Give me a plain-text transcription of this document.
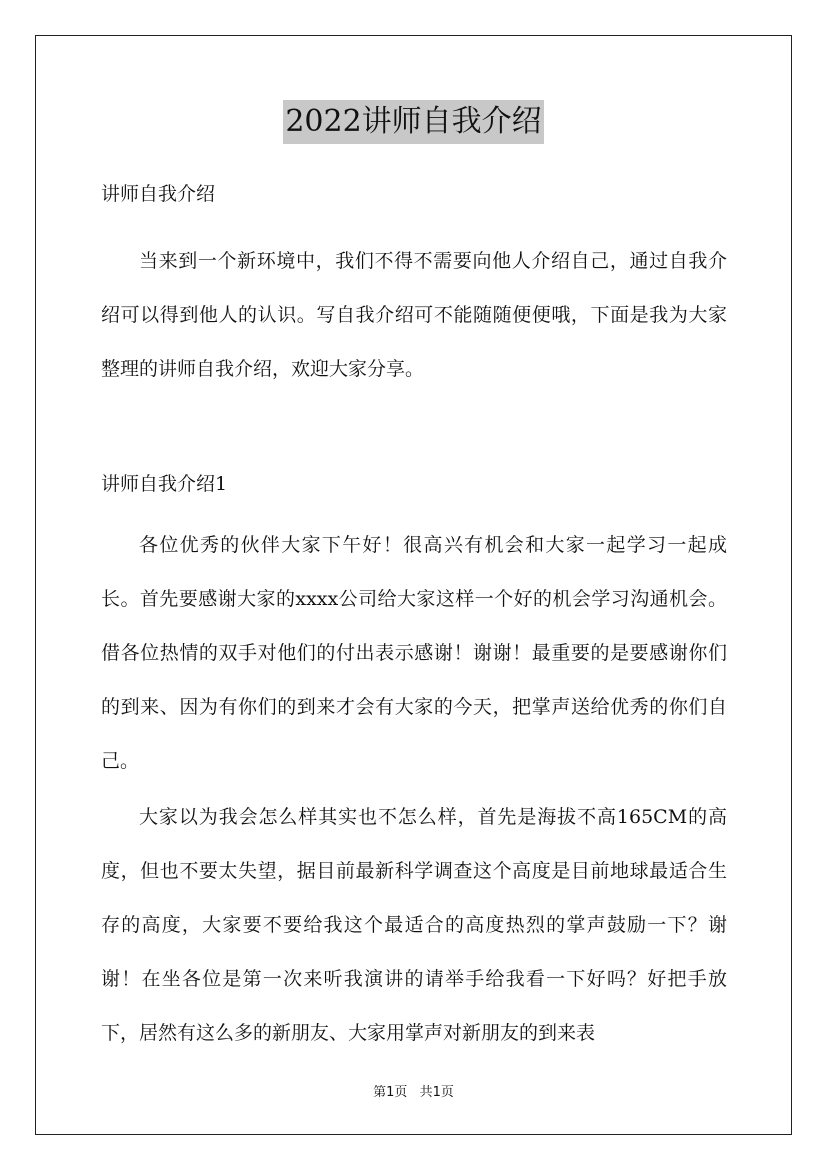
2022讲师自我介绍

讲师自我介绍

当来到一个新环境中，我们不得不需要向他人介绍自己，通过自我介绍可以得到他人的认识。写自我介绍可不能随随便便哦，下面是我为大家整理的讲师自我介绍，欢迎大家分享。

讲师自我介绍1

各位优秀的伙伴大家下午好！很高兴有机会和大家一起学习一起成长。首先要感谢大家的xxxx公司给大家这样一个好的机会学习沟通机会。借各位热情的双手对他们的付出表示感谢！谢谢！最重要的是要感谢你们的到来、因为有你们的到来才会有大家的今天，把掌声送给优秀的你们自己。

大家以为我会怎么样其实也不怎么样，首先是海拔不高165CM的高度，但也不要太失望，据目前最新科学调查这个高度是目前地球最适合生存的高度，大家要不要给我这个最适合的高度热烈的掌声鼓励一下？谢谢！在坐各位是第一次来听我演讲的请举手给我看一下好吗？好把手放下，居然有这么多的新朋友、大家用掌声对新朋友的到来表

第1页 共1页
